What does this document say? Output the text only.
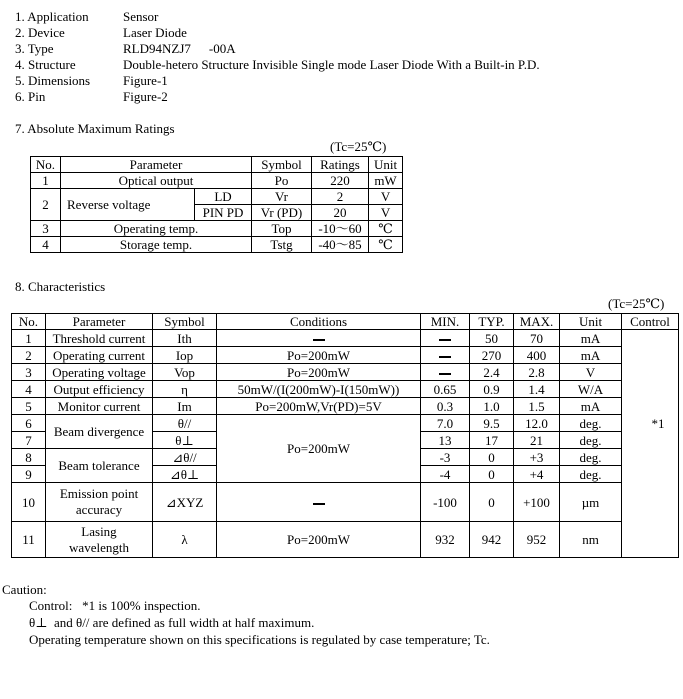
1. Application	Sensor
2. Device	Laser Diode
3. Type	RLD94NZJ7 -00A
4. Structure	Double-hetero Structure Invisible Single mode Laser Diode With a Built-in P.D.
5. Dimensions	Figure-1
6. Pin	Figure-2
7. Absolute Maximum Ratings
(Tc=25℃)
No.	Parameter		Symbol	Ratings	Unit
1	Optical output		Po	220	mW
2	Reverse voltage	LD	Vr	2	V
		PIN PD	Vr (PD)	20	V
3	Operating temp.		Top	-10～60	℃
4	Storage temp.		Tstg	-40～85	℃
8. Characteristics
(Tc=25℃)
No.	Parameter	Symbol	Conditions	MIN.	TYP.	MAX.	Unit	Control
1	Threshold current	Ith			50	70	mA	*1
2	Operating current	Iop	Po=200mW		270	400	mA	
3	Operating voltage	Vop	Po=200mW		2.4	2.8	V	
4	Output efficiency	η	50mW/(I(200mW)-I(150mW))	0.65	0.9	1.4	W/A	
5	Monitor current	Im	Po=200mW,Vr(PD)=5V	0.3	1.0	1.5	mA	
6	Beam divergence	θ//	Po=200mW	7.0	9.5	12.0	deg.	
7		θ⊥		13	17	21	deg.	
8	Beam tolerance	⊿θ//		-3	0	+3	deg.	
9		⊿θ⊥		-4	0	+4	deg.	
10	Emission point accuracy	⊿XYZ		-100	0	+100	µm	
11	Lasing wavelength	λ	Po=200mW	932	942	952	nm	
Caution:
Control:   *1 is 100% inspection.
θ⊥  and θ// are defined as full width at half maximum.
Operating temperature shown on this specifications is regulated by case temperature; Tc.
